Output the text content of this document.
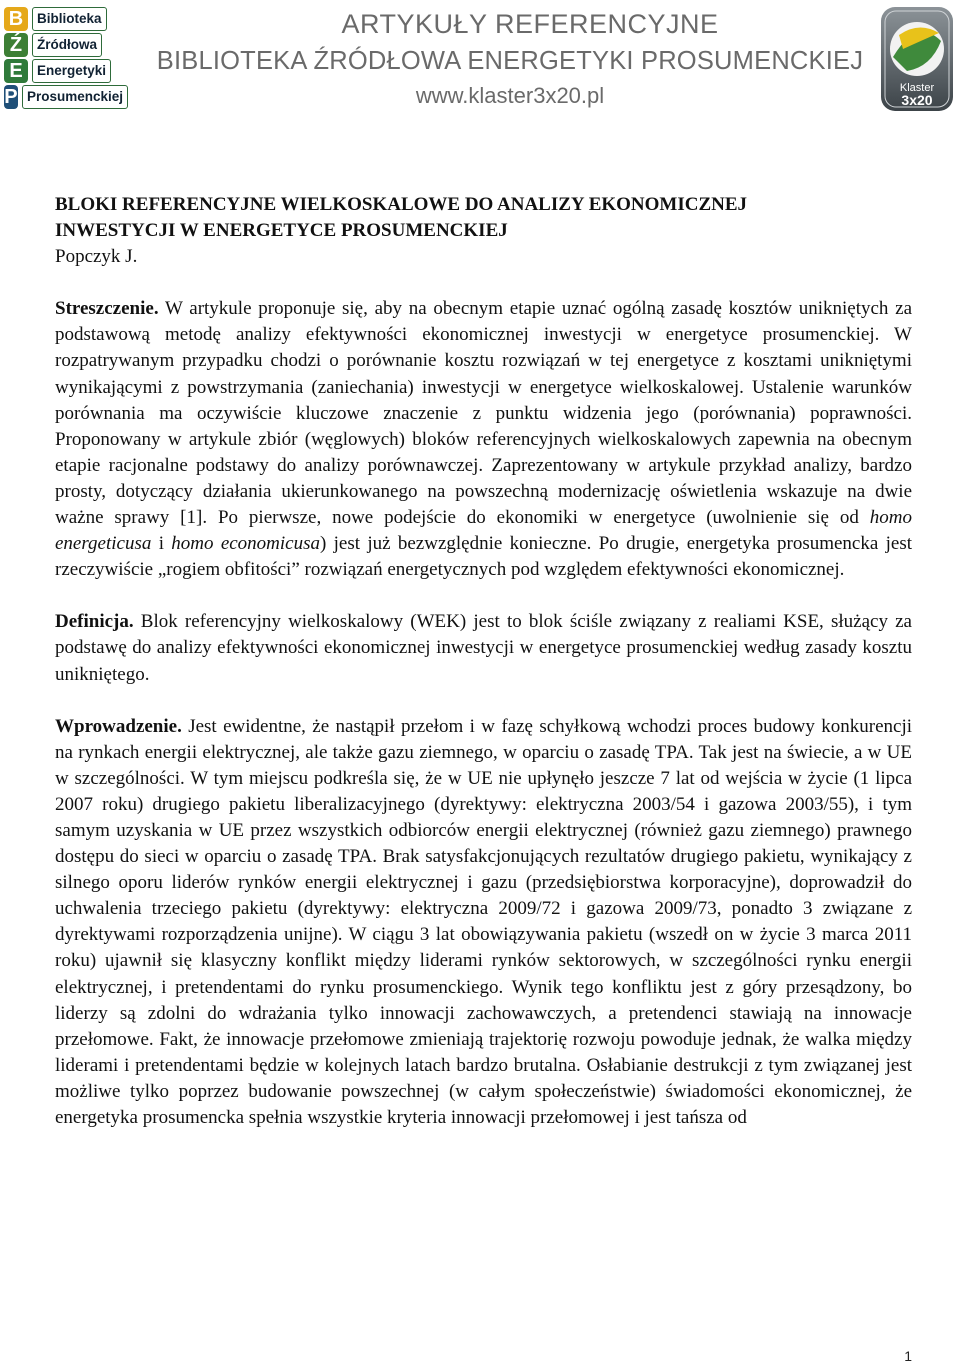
B	Biblioteka
Ź	Źródłowa
E	Energetyki
P Prosumenckiej
ARTYKUŁY REFERENCYJNE
BIBLIOTEKA ŹRÓDŁOWA ENERGETYKI PROSUMENCKIEJ
www.klaster3x20.pl	Klaster
3x20
BLOKI REFERENCYJNE WIELKOSKALOWE DO ANALIZY EKONOMICZNEJ
INWESTYCJI W ENERGETYCE PROSUMENCKIEJ
Popczyk J.

Streszczenie. W artykule proponuje się, aby na obecnym etapie uznać ogólną zasadę kosztów unikniętych za podstawową metodę analizy efektywności ekonomicznej inwestycji w energetyce prosumenckiej. W rozpatrywanym przypadku chodzi o porównanie kosztu rozwiązań w tej energetyce z kosztami unikniętymi wynikającymi z powstrzymania (zaniechania) inwestycji w energetyce wielkoskalowej. Ustalenie warunków porównania ma oczywiście kluczowe znaczenie z punktu widzenia jego (porównania) poprawności. Proponowany w artykule zbiór (węglowych) bloków referencyjnych wielkoskalowych zapewnia na obecnym etapie racjonalne podstawy do analizy porównawczej. Zaprezentowany w artykule przykład analizy, bardzo prosty, dotyczący działania ukierunkowanego na powszechną modernizację oświetlenia wskazuje na dwie ważne sprawy [1]. Po pierwsze, nowe podejście do ekonomiki w energetyce (uwolnienie się od homo energeticusa i homo economicusa) jest już bezwzględnie konieczne. Po drugie, energetyka prosumencka jest rzeczywiście „rogiem obfitości” rozwiązań energetycznych pod względem efektywności ekonomicznej.

Definicja. Blok referencyjny wielkoskalowy (WEK) jest to blok ściśle związany z realiami KSE, służący za podstawę do analizy efektywności ekonomicznej inwestycji w energetyce prosumenckiej według zasady kosztu unikniętego.

Wprowadzenie. Jest ewidentne, że nastąpił przełom i w fazę schyłkową wchodzi proces budowy konkurencji na rynkach energii elektrycznej, ale także gazu ziemnego, w oparciu o zasadę TPA. Tak jest na świecie, a w UE w szczególności. W tym miejscu podkreśla się, że w UE nie upłynęło jeszcze 7 lat od wejścia w życie (1 lipca 2007 roku) drugiego pakietu liberalizacyjnego (dyrektywy: elektryczna 2003/54 i gazowa 2003/55), i tym samym uzyskania w UE przez wszystkich odbiorców energii elektrycznej (również gazu ziemnego) prawnego dostępu do sieci w oparciu o zasadę TPA. Brak satysfakcjonujących rezultatów drugiego pakietu, wynikający z silnego oporu liderów rynków energii elektrycznej i gazu (przedsiębiorstwa korporacyjne), doprowadził do uchwalenia trzeciego pakietu (dyrektywy: elektryczna 2009/72 i gazowa 2009/73, ponadto 3 związane z dyrektywami rozporządzenia unijne). W ciągu 3 lat obowiązywania pakietu (wszedł on w życie 3 marca 2011 roku) ujawnił się klasyczny konflikt między liderami rynków sektorowych, w szczególności rynku energii elektrycznej, i pretendentami do rynku prosumenckiego. Wynik tego konfliktu jest z góry przesądzony, bo liderzy są zdolni do wdrażania tylko innowacji zachowawczych, a pretendenci stawiają na innowacje przełomowe. Fakt, że innowacje przełomowe zmieniają trajektorię rozwoju powoduje jednak, że walka między liderami i pretendentami będzie w kolejnych latach bardzo brutalna. Osłabianie destrukcji z tym związanej jest możliwe tylko poprzez budowanie powszechnej (w całym społeczeństwie) świadomości ekonomicznej, że energetyka prosumencka spełnia wszystkie kryteria innowacji przełomowej i jest tańsza od

1
